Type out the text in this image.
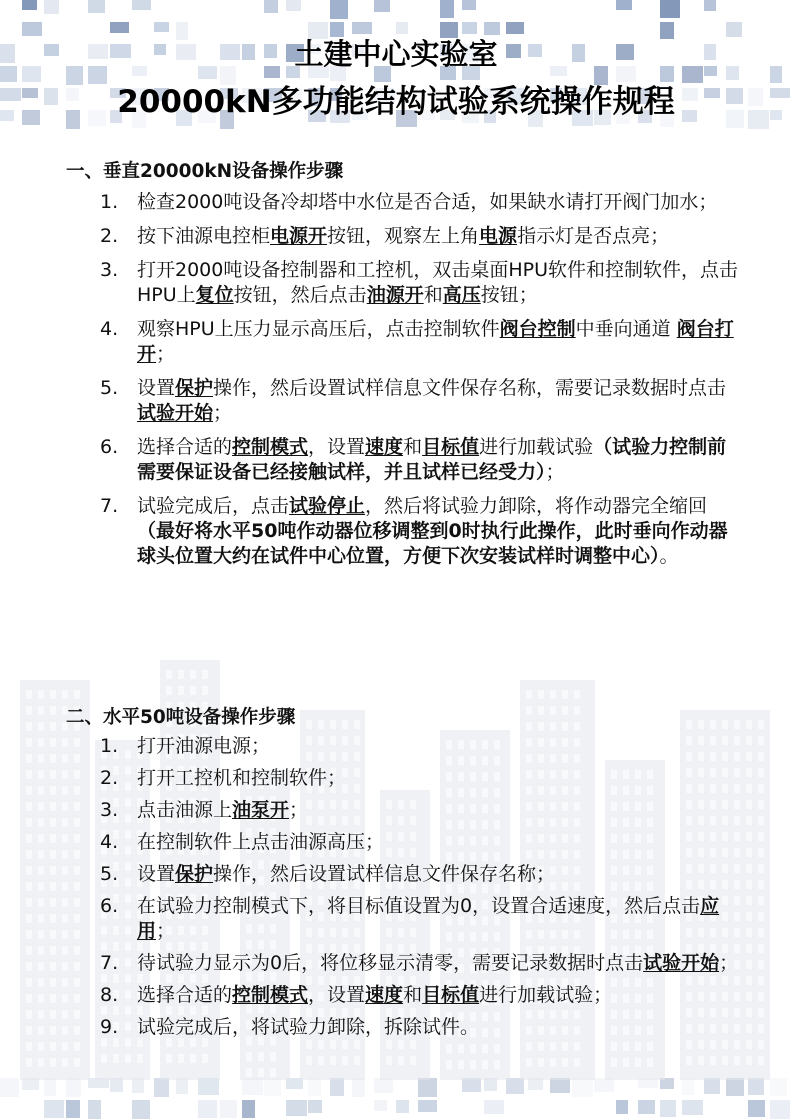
土建中心实验室
20000kN多功能结构试验系统操作规程
一、垂直20000kN设备操作步骤
1. 检查2000吨设备冷却塔中水位是否合适，如果缺水请打开阀门加水；
2. 按下油源电控柜电源开按钮，观察左上角电源指示灯是否点亮；
3. 打开2000吨设备控制器和工控机，双击桌面HPU软件和控制软件，点击HPU上复位按钮，然后点击油源开和高压按钮；
4. 观察HPU上压力显示高压后，点击控制软件阀台控制中垂向通道 阀台打开；
5. 设置保护操作，然后设置试样信息文件保存名称，需要记录数据时点击试验开始；
6. 选择合适的控制模式，设置速度和目标值进行加载试验（试验力控制前需要保证设备已经接触试样，并且试样已经受力）；
7. 试验完成后，点击试验停止，然后将试验力卸除，将作动器完全缩回（最好将水平50吨作动器位移调整到0时执行此操作，此时垂向作动器球头位置大约在试件中心位置，方便下次安装试样时调整中心）。
二、水平50吨设备操作步骤
1. 打开油源电源；
2. 打开工控机和控制软件；
3. 点击油源上油泵开；
4. 在控制软件上点击油源高压；
5. 设置保护操作，然后设置试样信息文件保存名称；
6. 在试验力控制模式下，将目标值设置为0，设置合适速度，然后点击应用；
7. 待试验力显示为0后，将位移显示清零，需要记录数据时点击试验开始；
8. 选择合适的控制模式，设置速度和目标值进行加载试验；
9. 试验完成后，将试验力卸除，拆除试件。
